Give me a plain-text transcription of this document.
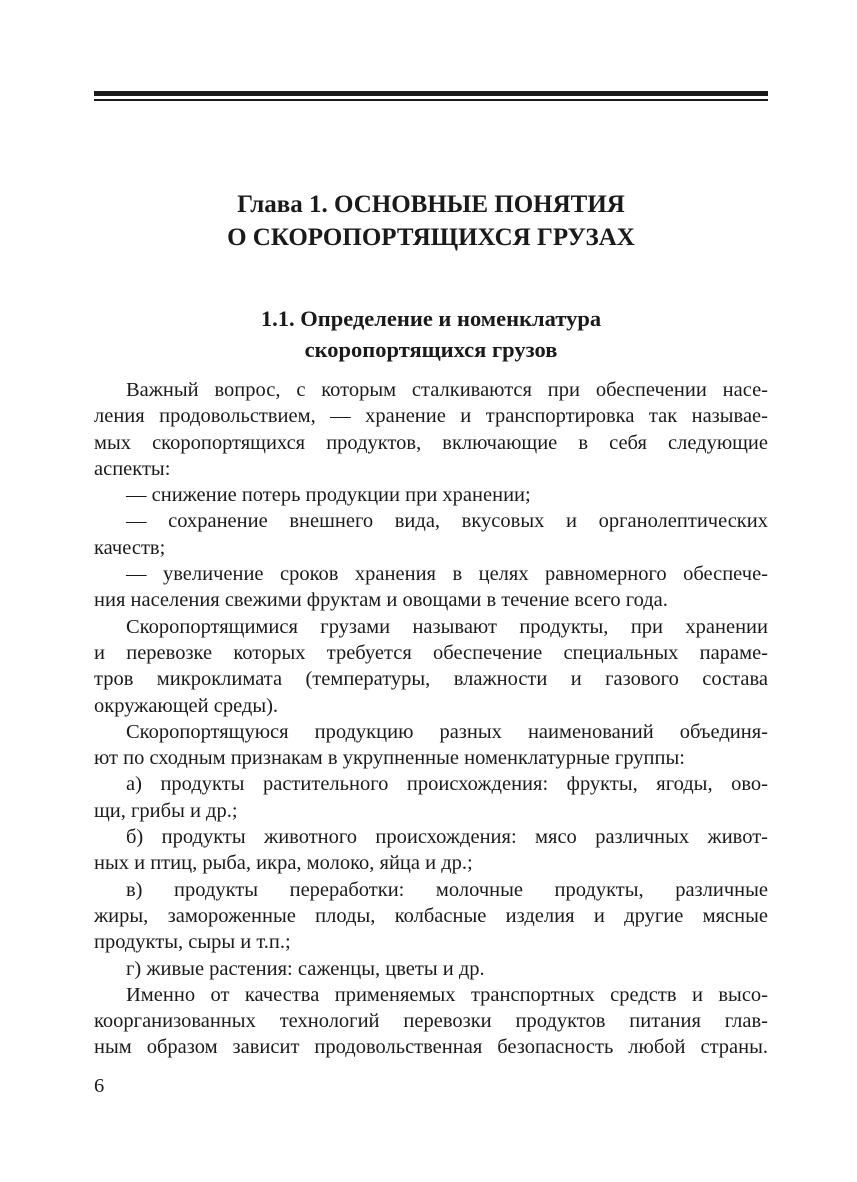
Глава 1. ОСНОВНЫЕ ПОНЯТИЯ
О СКОРОПОРТЯЩИХСЯ ГРУЗАХ
1.1. Определение и номенклатура
скоропортящихся грузов
Важный вопрос, с которым сталкиваются при обеспечении насе-
ления продовольствием, — хранение и транспортировка так называе-
мых скоропортящихся продуктов, включающие в себя следующие
аспекты:
— снижение потерь продукции при хранении;
— сохранение внешнего вида, вкусовых и органолептических
качеств;
— увеличение сроков хранения в целях равномерного обеспече-
ния населения свежими фруктам и овощами в течение всего года.
Скоропортящимися грузами называют продукты, при хранении
и перевозке которых требуется обеспечение специальных параме-
тров микроклимата (температуры, влажности и газового состава
окружающей среды).
Скоропортящуюся продукцию разных наименований объединя-
ют по сходным признакам в укрупненные номенклатурные группы:
а) продукты растительного происхождения: фрукты, ягоды, ово-
щи, грибы и др.;
б) продукты животного происхождения: мясо различных живот-
ных и птиц, рыба, икра, молоко, яйца и др.;
в) продукты переработки: молочные продукты, различные
жиры, замороженные плоды, колбасные изделия и другие мясные
продукты, сыры и т.п.;
г) живые растения: саженцы, цветы и др.
Именно от качества применяемых транспортных средств и высо-
коорганизованных технологий перевозки продуктов питания глав-
ным образом зависит продовольственная безопасность любой страны.
6
